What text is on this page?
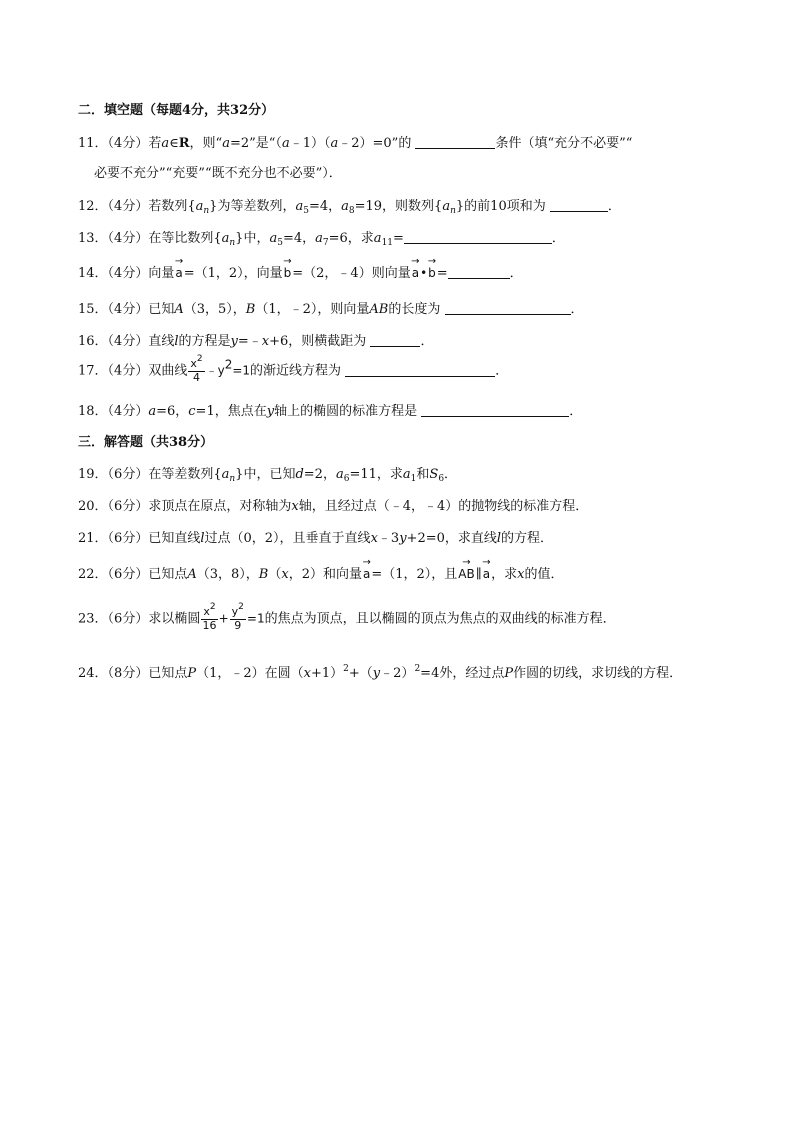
二．填空题（每题4分，共32分）
11．（4分）若a∈R，则“a=2”是“（a﹣1）（a﹣2）=0”的	条件（填“充分不必要”“
必要不充分”“充要”“既不充分也不必要”）．
12．（4分）若数列$\{a_n\}$为等差数列，$a_5=4$，$a_8=19$，则数列$\{a_n\}$的前10项和为	．
13．（4分）在等比数列$\{a_n\}$中，$a_5=4$，$a_7=6$，求$a_{11}=$	．
14．（4分）向量→ a=（1，2），向量→ b=（2，﹣4）则向量→ a•→ b=	．
15．（4分）已知A（3，5），B（1，﹣2），则向量AB的长度为	．
16．（4分）直线l的方程是y=﹣x+6，则横截距为	．
17．（4分）双曲线 $\frac{x^2}{4}$ $﹣y^2=1$的渐近线方程为	．
18．（4分）a=6，c=1，焦点在y轴上的椭圆的标准方程是	．
三．解答题（共38分）
19．（6分）在等差数列$\{a_n\}$中，已知d=2，$a_6=11$，求$a_1$和$S_6$．
20．（6分）求顶点在原点，对称轴为x轴，且经过点（﹣4，﹣4）的抛物线的标准方程．
21．（6分）已知直线l过点（0，2），且垂直于直线x﹣3y+2=0，求直线l的方程．
22．（6分）已知点A（3，8），B（x，2）和向量→ a=（1，2），且→ AB∥→ a，求x的值．
23．（6分）求以椭圆 $\frac{x^2}{16} + \frac{y^2}{9} =1$的焦点为顶点，且以椭圆的顶点为焦点的双曲线的标准方程．
24．（8分）已知点P（1，﹣2）在圆$(x+1)^2+(y﹣2)^2=4$外，经过点P作圆的切线，求切线的方程．
